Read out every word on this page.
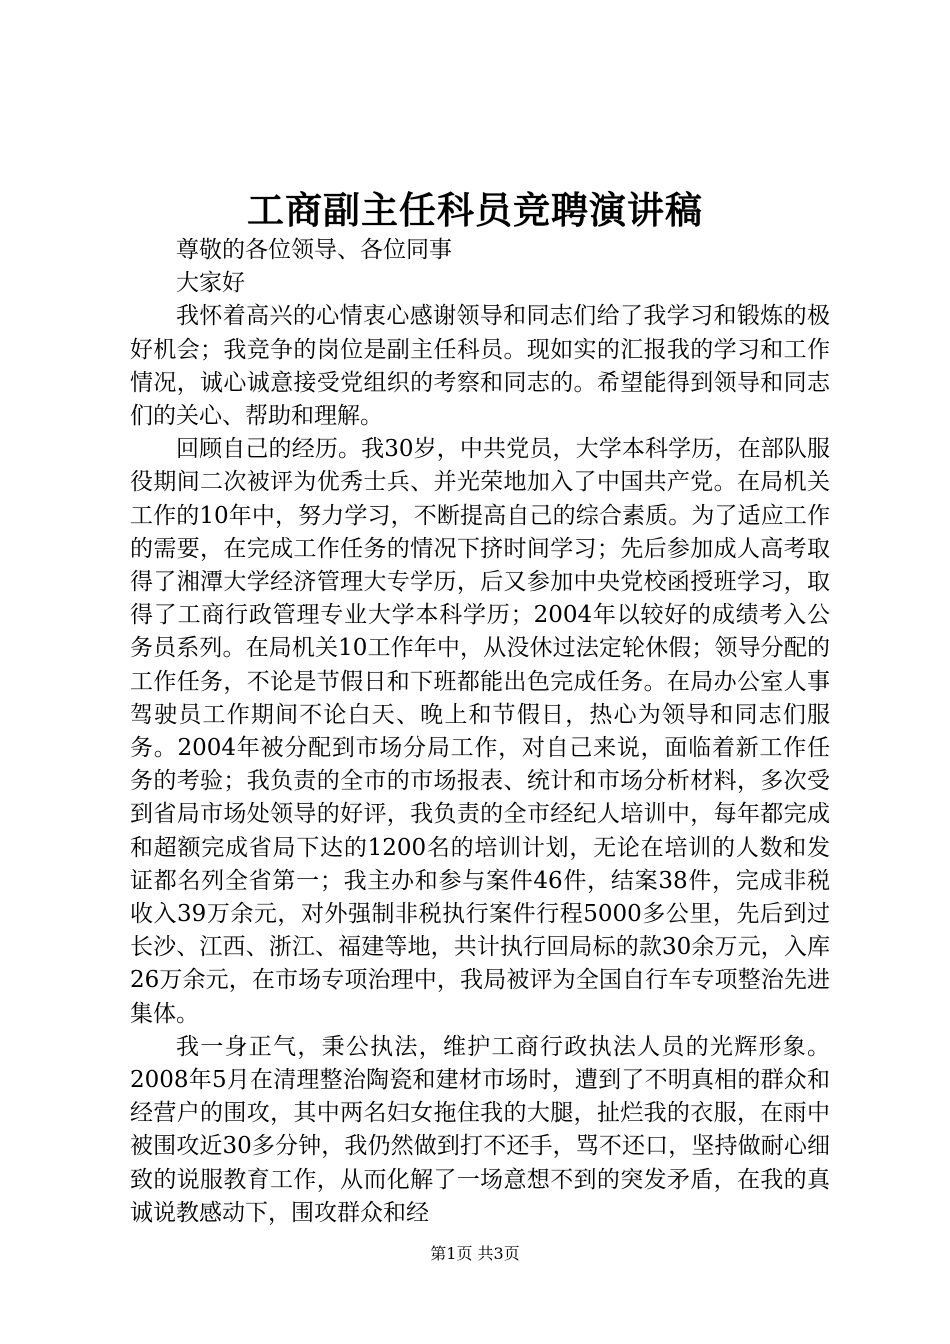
工商副主任科员竞聘演讲稿

尊敬的各位领导、各位同事

大家好

我怀着高兴的心情衷心感谢领导和同志们给了我学习和锻炼的极好机会；我竞争的岗位是副主任科员。现如实的汇报我的学习和工作情况，诚心诚意接受党组织的考察和同志的。希望能得到领导和同志们的关心、帮助和理解。

回顾自己的经历。我30岁，中共党员，大学本科学历，在部队服役期间二次被评为优秀士兵、并光荣地加入了中国共产党。在局机关工作的10年中，努力学习，不断提高自己的综合素质。为了适应工作的需要，在完成工作任务的情况下挤时间学习；先后参加成人高考取得了湘潭大学经济管理大专学历，后又参加中央党校函授班学习，取得了工商行政管理专业大学本科学历；2004年以较好的成绩考入公务员系列。在局机关10工作年中，从没休过法定轮休假；领导分配的工作任务，不论是节假日和下班都能出色完成任务。在局办公室人事驾驶员工作期间不论白天、晚上和节假日，热心为领导和同志们服务。2004年被分配到市场分局工作，对自己来说，面临着新工作任务的考验；我负责的全市的市场报表、统计和市场分析材料，多次受到省局市场处领导的好评，我负责的全市经纪人培训中，每年都完成和超额完成省局下达的1200名的培训计划，无论在培训的人数和发证都名列全省第一；我主办和参与案件46件，结案38件，完成非税收入39万余元，对外强制非税执行案件行程5000多公里，先后到过长沙、江西、浙江、福建等地，共计执行回局标的款30余万元，入库26万余元，在市场专项治理中，我局被评为全国自行车专项整治先进集体。

我一身正气，秉公执法，维护工商行政执法人员的光辉形象。2008年5月在清理整治陶瓷和建材市场时，遭到了不明真相的群众和经营户的围攻，其中两名妇女拖住我的大腿，扯烂我的衣服，在雨中被围攻近30多分钟，我仍然做到打不还手，骂不还口，坚持做耐心细致的说服教育工作，从而化解了一场意想不到的突发矛盾，在我的真诚说教感动下，围攻群众和经

第1页 共3页
